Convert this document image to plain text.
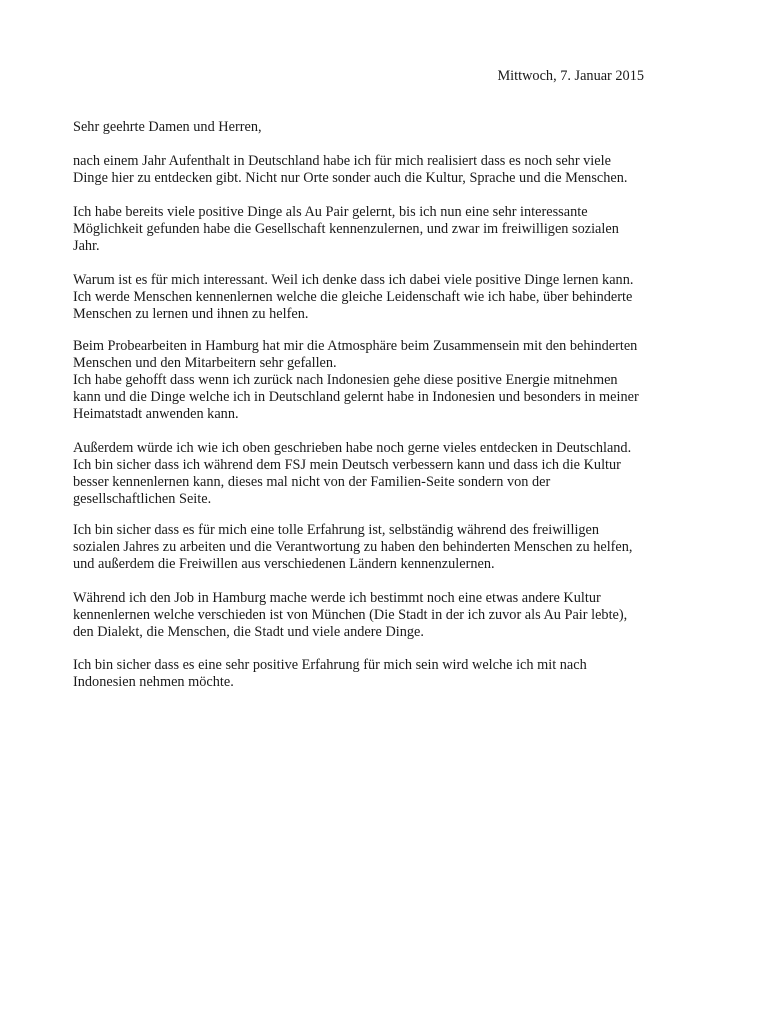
Mittwoch, 7. Januar 2015
Sehr geehrte Damen und Herren,
nach einem Jahr Aufenthalt in Deutschland habe ich für mich realisiert dass es noch sehr viele
Dinge hier zu entdecken gibt. Nicht nur Orte sonder auch die Kultur, Sprache und die Menschen.
Ich habe bereits viele positive Dinge als Au Pair gelernt, bis ich nun eine sehr interessante
Möglichkeit gefunden habe die Gesellschaft kennenzulernen, und zwar im freiwilligen sozialen
Jahr.
Warum ist es für mich interessant. Weil ich denke dass ich dabei viele positive Dinge lernen kann.
Ich werde Menschen kennenlernen welche die gleiche Leidenschaft wie ich habe, über behinderte
Menschen zu lernen und ihnen zu helfen.
Beim Probearbeiten in Hamburg hat mir die Atmosphäre beim Zusammensein mit den behinderten
Menschen und den Mitarbeitern sehr gefallen.
Ich habe gehofft dass wenn ich zurück nach Indonesien gehe diese positive Energie mitnehmen
kann und die Dinge welche ich in Deutschland gelernt habe in Indonesien und besonders in meiner
Heimatstadt anwenden kann.
Außerdem würde ich wie ich oben geschrieben habe noch gerne vieles entdecken in Deutschland.
Ich bin sicher dass ich während dem FSJ mein Deutsch verbessern kann und dass ich die Kultur
besser kennenlernen kann, dieses mal nicht von der Familien-Seite sondern von der
gesellschaftlichen Seite.
Ich bin sicher dass es für mich eine tolle Erfahrung ist, selbständig während des freiwilligen
sozialen Jahres zu arbeiten und die Verantwortung zu haben den behinderten Menschen zu helfen,
und außerdem die Freiwillen aus verschiedenen Ländern kennenzulernen.
Während ich den Job in Hamburg mache werde ich bestimmt noch eine etwas andere Kultur
kennenlernen welche verschieden ist von München (Die Stadt in der ich zuvor als Au Pair lebte),
den Dialekt, die Menschen, die Stadt und viele andere Dinge.
Ich bin sicher dass es eine sehr positive Erfahrung für mich sein wird welche ich mit nach
Indonesien nehmen möchte.
